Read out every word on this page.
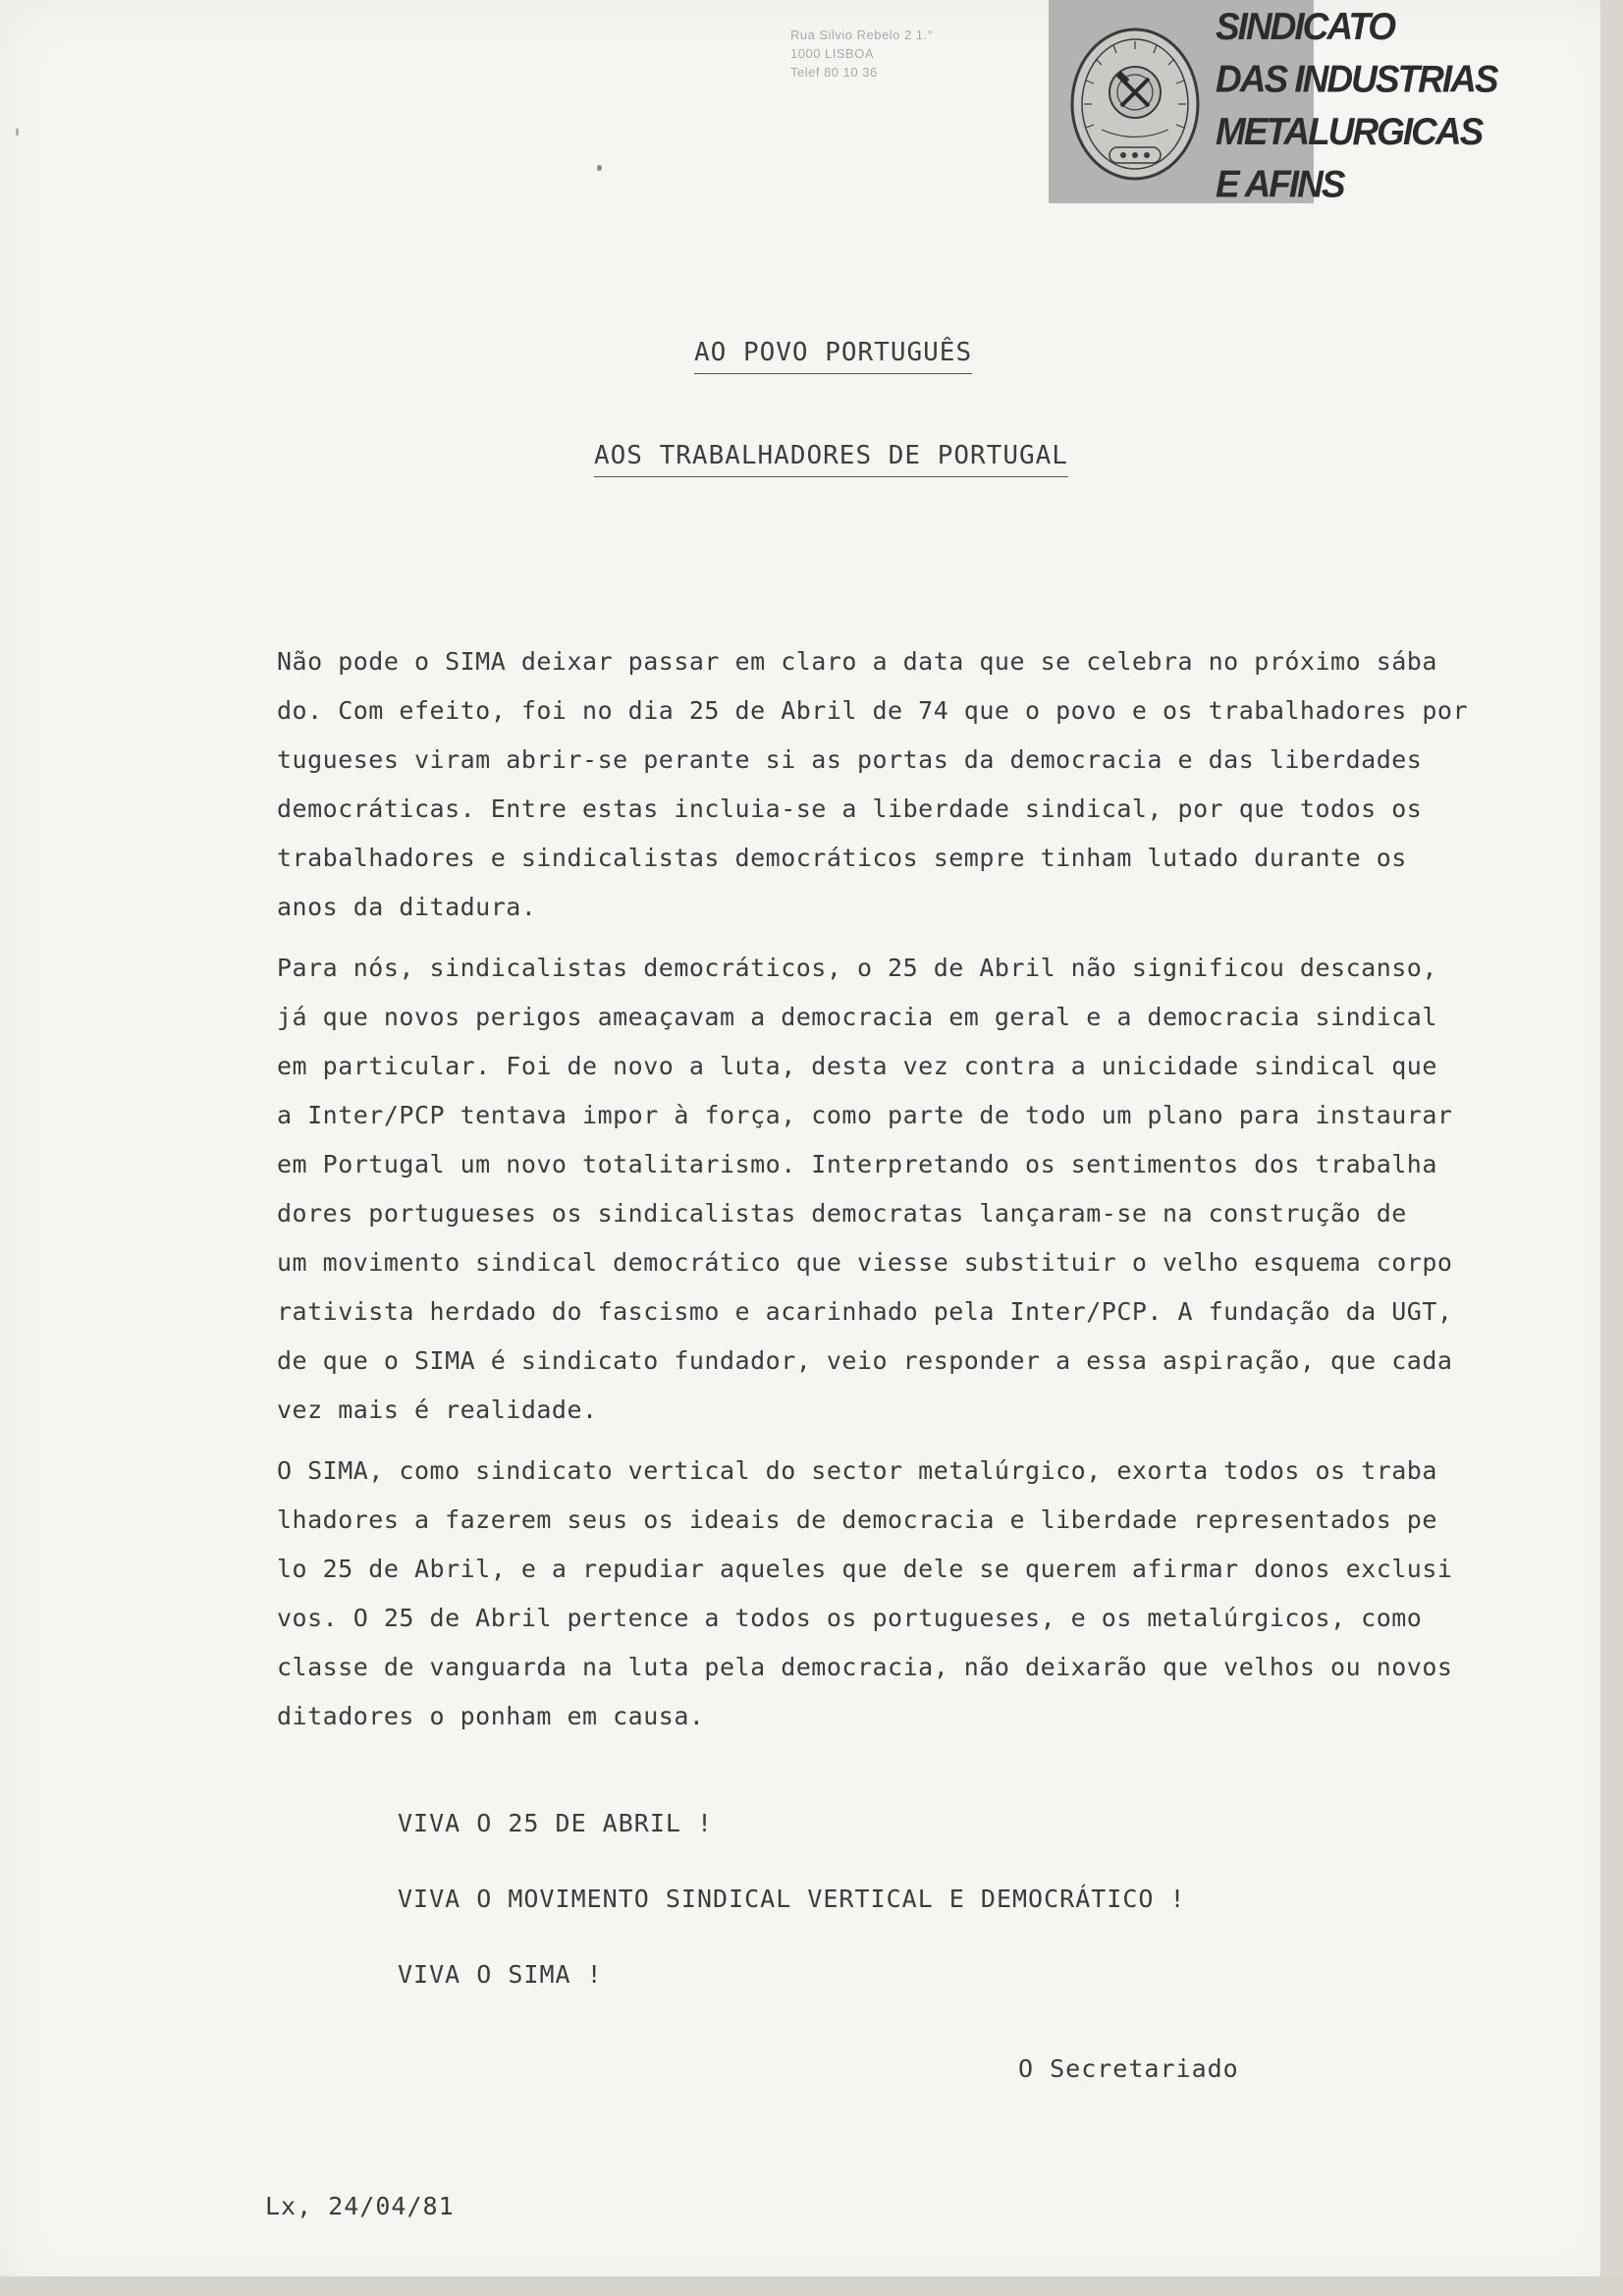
Rua Silvio Rebelo 2 1.°
1000 LISBOA
Telef 80 10 36
SINDICATO
DAS INDUSTRIAS
METALURGICAS
E AFINS
AO POVO PORTUGUÊS
AOS TRABALHADORES DE PORTUGAL
Não pode o SIMA deixar passar em claro a data que se celebra no próximo sába
do. Com efeito, foi no dia 25 de Abril de 74 que o povo e os trabalhadores por
tugueses viram abrir-se perante si as portas da democracia e das liberdades
democráticas. Entre estas incluia-se a liberdade sindical, por que todos os
trabalhadores e sindicalistas democráticos sempre tinham lutado durante os
anos da ditadura.
Para nós, sindicalistas democráticos, o 25 de Abril não significou descanso,
já que novos perigos ameaçavam a democracia em geral e a democracia sindical
em particular. Foi de novo a luta, desta vez contra a unicidade sindical que
a Inter/PCP tentava impor à força, como parte de todo um plano para instaurar
em Portugal um novo totalitarismo. Interpretando os sentimentos dos trabalha
dores portugueses os sindicalistas democratas lançaram-se na construção de
um movimento sindical democrático que viesse substituir o velho esquema corpo
rativista herdado do fascismo e acarinhado pela Inter/PCP. A fundação da UGT,
de que o SIMA é sindicato fundador, veio responder a essa aspiração, que cada
vez mais é realidade.
O SIMA, como sindicato vertical do sector metalúrgico, exorta todos os traba
lhadores a fazerem seus os ideais de democracia e liberdade representados pe
lo 25 de Abril, e a repudiar aqueles que dele se querem afirmar donos exclusi
vos. O 25 de Abril pertence a todos os portugueses, e os metalúrgicos, como
classe de vanguarda na luta pela democracia, não deixarão que velhos ou novos
ditadores o ponham em causa.
VIVA O 25 DE ABRIL !
VIVA O MOVIMENTO SINDICAL VERTICAL E DEMOCRÁTICO !
VIVA O SIMA !
O Secretariado
Lx, 24/04/81
